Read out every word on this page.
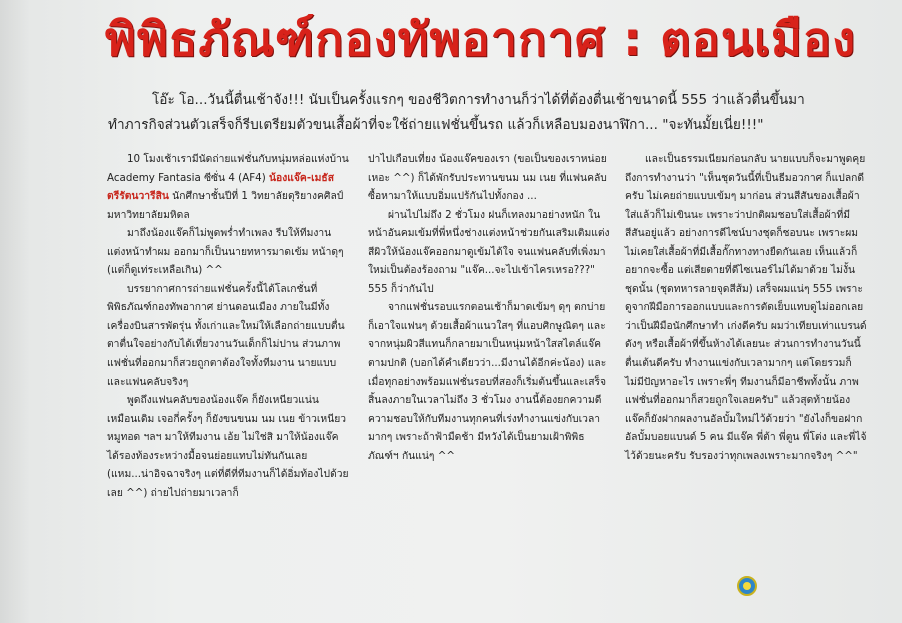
พิพิธภัณฑ์กองทัพอากาศ : ตอนเมือง

โอ๊ะ โอ...วันนี้ตื่นเช้าจัง!!! นับเป็นครั้งแรกๆ ของชีวิตการทำงานก็ว่าได้ที่ต้องตื่นเช้าขนาดนี้ 555 ว่าแล้วตื่นขึ้นมา

ทำภารกิจส่วนตัวเสร็จก็รีบเตรียมตัวขนเสื้อผ้าที่จะใช้ถ่ายแฟชั่นขึ้นรถ แล้วก็เหลือบมองนาฬิกา... "จะทันมั้ยเนี่ย!!!"

10 โมงเช้าเรามีนัดถ่ายแฟชั่นกับหนุ่มหล่อแห่งบ้าน Academy Fantasia ซีซั่น 4 (AF4) น้องแจ๊ค-เมธัส ตรีรัตนวารีสิน นักศึกษาชั้นปีที่ 1 วิทยาลัยดุริยางคศิลป์ มหาวิทยาลัยมหิดล

มาถึงน้องแจ๊คก็ไม่พูดพร่ำทำเพลง รีบให้ทีมงานแต่งหน้าทำผม ออกมาก็เป็นนายทหารมาดเข้ม หน้าดุๆ (แต่ก็ดูเท่ระเหลือเกิน) ^^

บรรยากาศการถ่ายแฟชั่นครั้งนี้ได้โลเกชั่นที่พิพิธภัณฑ์กองทัพอากาศ ย่านดอนเมือง ภายในมีทั้งเครื่องบินสารพัดรุ่น ทั้งเก่าและใหม่ให้เลือกถ่ายแบบตื่นตาตื่นใจอย่างกับได้เที่ยวงานวันเด็กก็ไม่ปาน ส่วนภาพแฟชั่นที่ออกมาก็สวยถูกตาต้องใจทั้งทีมงาน นายแบบและแฟนคลับจริงๆ

พูดถึงแฟนคลับของน้องแจ๊ค ก็ยังเหนียวแน่นเหมือนเดิม เจอกี่ครั้งๆ ก็ยังขนขนม นม เนย ข้าวเหนียวหมูทอด ฯลฯ มาให้ทีมงาน เอ้ย ไม่ใช่สิ มาให้น้องแจ๊คได้รองท้องระหว่างมื้อจนย่อยแทบไม่ทันกันเลย (แหม...น่าอิจฉาจริงๆ แต่ที่ดีที่ทีมงานก็ได้อิ่มท้องไปด้วยเลย ^^) ถ่ายไปถ่ายมาเวลาก็

ปาไปเกือบเที่ยง น้องแจ๊คของเรา (ขอเป็นของเราหน่อยเหอะ ^^) ก็ได้พักรับประทานขนม นม เนย ที่แฟนคลับซื้อหามาให้แบบอิ่มแปร้กันไปทั้งกอง ...

ผ่านไปไม่ถึง 2 ชั่วโมง ฝนก็เทลงมาอย่างหนัก ในหน้าอันคมเข้มที่พี่หนึ่งช่างแต่งหน้าช่วยกันเสริมเติมแต่งสีผิวให้น้องแจ๊คออกมาดูเข้มได้ใจ จนแฟนคลับที่เพิ่งมาใหม่เป็นต้องร้องถาม "แจ๊ค...จะไปเข้าไครเหรอ???" 555 ก็ว่ากันไป

จากแฟชั่นรอบแรกตอนเช้าก็มาดเข้มๆ ดุๆ ตกบ่ายก็เอาใจแฟนๆ ด้วยเสื้อผ้าแนวใสๆ ที่แอบศิกษูณิตๆ และจากหนุ่มผิวสีแทนก็กลายมาเป็นหนุ่มหน้าใสสไตล์แจ๊คตามปกติ (บอกได้คำเดียวว่า...มีงานได้อีกค่ะน้อง) และเมื่อทุกอย่างพร้อมแฟชั่นรอบที่สองก็เริ่มต้นขึ้นและเสร็จสิ้นลงภายในเวลาไม่ถึง 3 ชั่วโมง งานนี้ต้องยกความดีความชอบให้กับทีมงานทุกคนที่เร่งทำงานแข่งกับเวลามากๆ เพราะถ้าฟ้ามืดช้า มีหวังได้เป็นยามเฝ้าพิพิธภัณฑ์ฯ กันแน่ๆ ^^

และเป็นธรรมเนียมก่อนกลับ นายแบบก็จะมาพูดคุยถึงการทำงานว่า "เห็นชุดวันนี้ที่เป็นธีมอวกาศ ก็แปลกดีครับ ไม่เคยถ่ายแบบเข้มๆ มาก่อน ส่วนสีสันของเสื้อผ้าใส่แล้วก็ไม่เขินนะ เพราะว่าปกติผมชอบใส่เสื้อผ้าที่มีสีสันอยู่แล้ว อย่างการดีไซน์บางชุดก็ชอบนะ เพราะผมไม่เคยใส่เสื้อผ้าที่มีเสื้อกั๊กทางทางยืดกันเลย เห็นแล้วก็อยากจะซื้อ แต่เสียดายที่ดีไซเนอร์ไม่ได้มาด้วย ไม่งั้นชุดนั้น (ชุดทหารลายจุดสีส้ม) เสร็จผมแน่ๆ 555 เพราะดูจากฝีมือการออกแบบและการตัดเย็บแทบดูไม่ออกเลยว่าเป็นฝีมือนักศึกษาทำ เก่งดีครับ ผมว่าเทียบเท่าแบรนด์ดังๆ หรือเสื้อผ้าที่ขึ้นห้างได้เลยนะ ส่วนการทำงานวันนี้ตื่นเต้นดีครับ ทำงานแข่งกับเวลามากๆ แต่โดยรวมก็ไม่มีปัญหาอะไร เพราะพี่ๆ ทีมงานก็มีอาชีพทั้งนั้น ภาพแฟชั่นที่ออกมาก็สวยถูกใจเลยครับ" แล้วสุดท้ายน้องแจ๊คก็ยังฝากผลงานอัลบั้มใหม่ไว้ด้วยว่า "ยังไงก็ขอฝากอัลบั้มบอยแบนด์ 5 คน มีแจ๊ค พี่ต้า พี่ตูน พี่โต่ง และพี่ไจ้ ไว้ด้วยนะครับ รับรองว่าทุกเพลงเพราะมากจริงๆ ^^"
